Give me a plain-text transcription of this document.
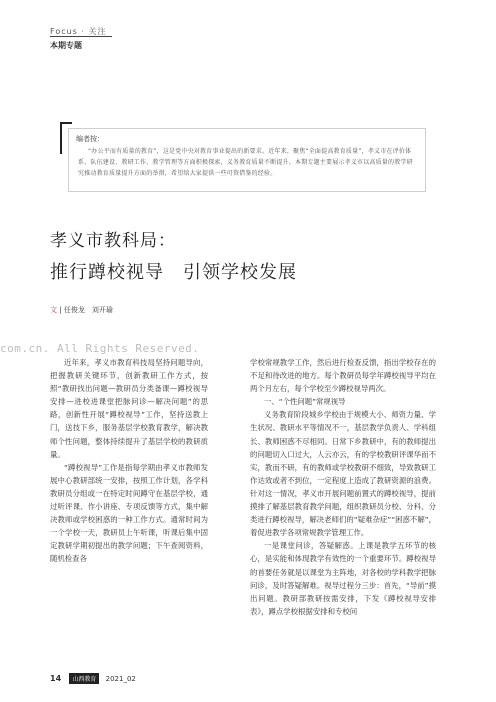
Focus · 关注
本期专题
编者按：
“办公平而有质量的教育”，这是党中央对教育事业提出的新要求。近年来，聚焦“全面提高教育质量”，孝义市在评价体系、队伍建设、教研工作、教学管理等方面积极探索，义务教育质量不断提升。本期专题主要展示孝义市以高质量的教学研究推动教育质量提升方面的举措，希望给大家提供一些可资借鉴的经验。
孝义市教科局：
推行蹲校视导　引领学校发展
文 | 任俊龙　刘开瑜
com.cn. All Rights Reserved.

近年来，孝义市教育科技局坚持问题导向，把握教研关键环节，创新教研工作方式，按照“教研找出问题—教研员分类备课—蹲校视导安排—进校进课堂把脉问诊—解决问题”的思路，创新性开展“蹲校视导”工作，坚持送教上门，送技下乡，服务基层学校教育教学，解决教师个性问题，整体持续提升了基层学校的教研质量。

“蹲校视导”工作是指每学期由孝义市教师发展中心教研部统一安排，按照工作计划，各学科教研员分组或一在特定时间蹲守在基层学校，通过听评课、作小讲座、专项反馈等方式，集中解决教师或学校困惑的一种工作方式。通常时间为一个学校一天，教研员上午听课，听课后集中固定教研学期初提出的教学问题；下午查阅资料，随机检查各

学校常规教学工作，然后进行检查反馈，指出学校存在的不足和待改进的地方。每个教研员每学年蹲校视导平均在两个月左右，每个学校至少蹲校视导两次。

一、“个性问题”常规视导

义务教育阶段城乡学校由于规模大小、师资力量、学生状况、教研水平等情况不一，基层教学负责人、学科组长、教师困惑不尽相同。日常下乡教研中，有的教师提出的问题切入口过大，人云亦云，有的学校教研评课华而不实，教而不研，有的教师或学校教研不细致，导致教研工作达效或者不到位，一定程度上造成了教研资源的浪费。针对这一情况，孝义市开展问题前置式的蹲校视导，提前摸排了解基层教育教学问题，组织教研员分校、分科、分类进行蹲校视导，解决老师们的“疑难杂症”“困惑不解”，着促进教学各项常规教学管理工作。

一是课堂问诊，答疑解惑。上课是教学五环节的核心，是实能和体现教学有效性的一个重要环节。蹲校视导的首要任务就是以课堂为主阵地，对各校的学科教学把脉问诊，及时答疑解难。视导过程分三步：首先，“导前”摸出问题。教研部教研按需安排，下发《蹲校视导安排表》，蹲点学校根据安排和专校问

14 山西教育 2021_02
